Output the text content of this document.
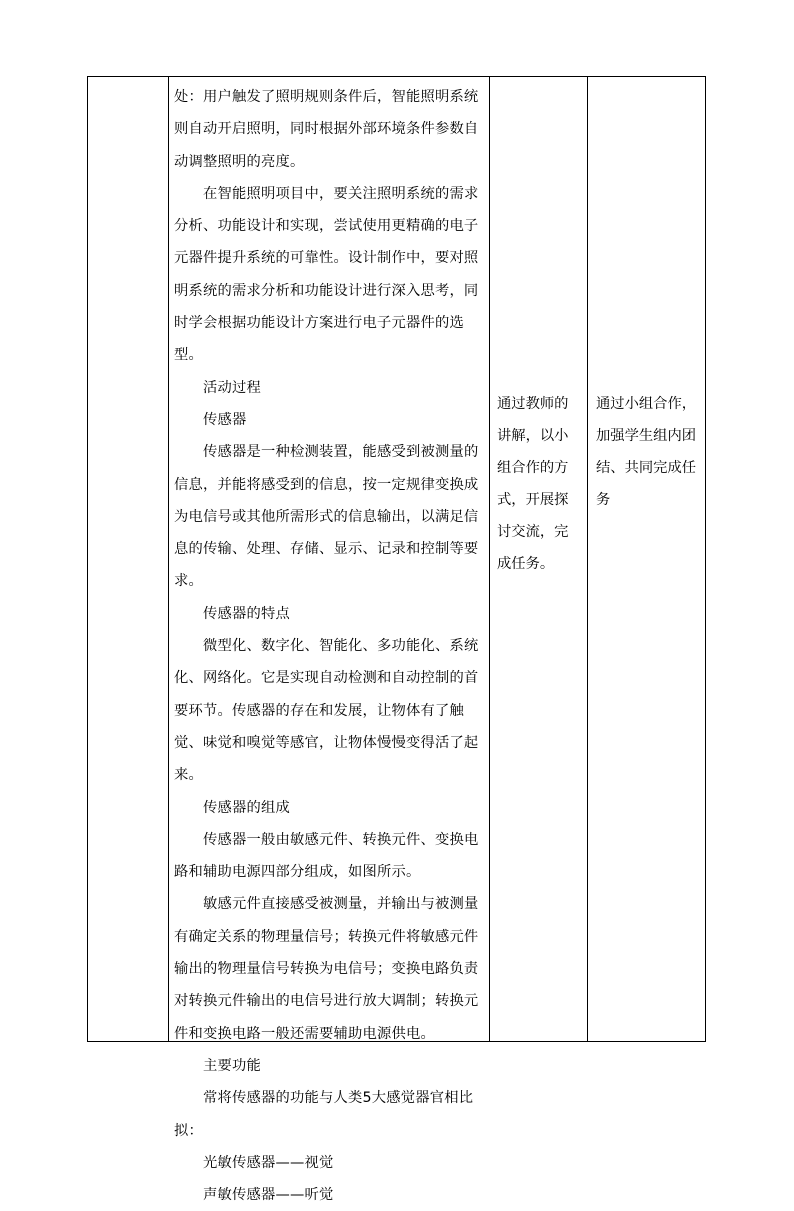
处：用户触发了照明规则条件后，智能照明系统则自动开启照明，同时根据外部环境条件参数自动调整照明的亮度。

在智能照明项目中，要关注照明系统的需求分析、功能设计和实现，尝试使用更精确的电子元器件提升系统的可靠性。设计制作中，要对照明系统的需求分析和功能设计进行深入思考，同时学会根据功能设计方案进行电子元器件的选型。

活动过程

传感器

传感器是一种检测装置，能感受到被测量的信息，并能将感受到的信息，按一定规律变换成为电信号或其他所需形式的信息输出，以满足信息的传输、处理、存储、显示、记录和控制等要求。

传感器的特点

微型化、数字化、智能化、多功能化、系统化、网络化。它是实现自动检测和自动控制的首要环节。传感器的存在和发展，让物体有了触觉、味觉和嗅觉等感官，让物体慢慢变得活了起来。

传感器的组成

传感器一般由敏感元件、转换元件、变换电路和辅助电源四部分组成，如图所示。

敏感元件直接感受被测量，并输出与被测量有确定关系的物理量信号；转换元件将敏感元件输出的物理量信号转换为电信号；变换电路负责对转换元件输出的电信号进行放大调制；转换元件和变换电路一般还需要辅助电源供电。

主要功能

常将传感器的功能与人类5大感觉器官相比拟：

光敏传感器——视觉

声敏传感器——听觉

通过教师的讲解，以小组合作的方式，开展探讨交流，完成任务。
通过小组合作，加强学生组内团结、共同完成任务
